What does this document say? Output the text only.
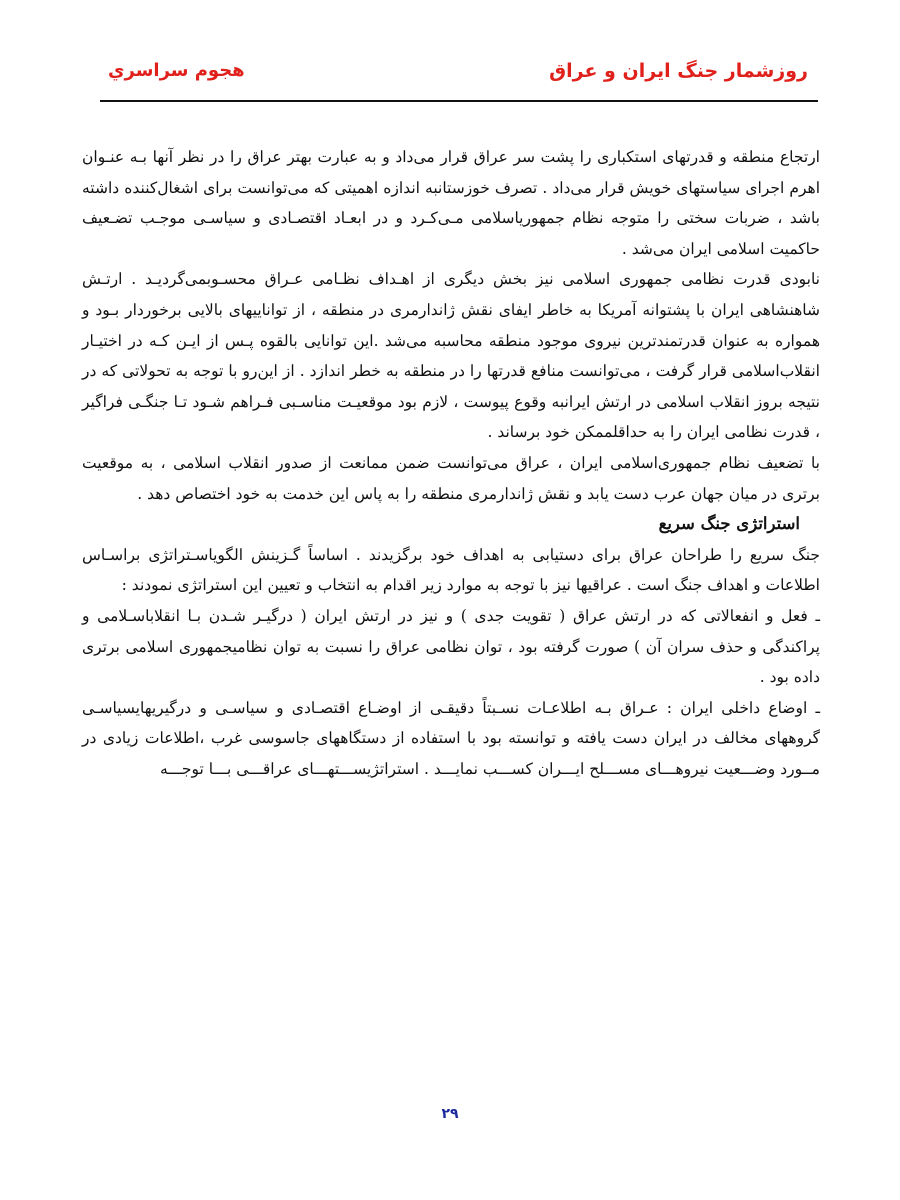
روزشمار جنگ ايران و عراق
هجوم سراسري

ارتجاع منطقه و قدرتهای استکباری را پشت سر عراق قرار می‌داد و به عبارت بهتر عراق را در نظر آنها بـه عنـوان اهرم اجرای سیاستهای خویش قرار می‌داد . تصرف خوزستانبه اندازه اهمیتی که می‌توانست برای اشغال‌کننده داشته باشد ، ضربات سختی را متوجه نظام جمهوریاسلامی مـی‌کـرد و در ابعـاد اقتصـادی و سیاسـی موجـب تضـعیف حاکمیت اسلامی ایران می‌شد .

نابودی قدرت نظامی جمهوری اسلامی نیز بخش دیگری از اهـداف نظـامی عـراق محسـوبمی‌گردیـد . ارتـش شاهنشاهی ایران با پشتوانه آمریکا به خاطر ایفای نقش ژاندارمری در منطقه ، از تواناییهای بالایی برخوردار بـود و همواره به عنوان قدرتمندترین نیروی موجود منطقه محاسبه می‌شد .این توانایی بالقوه پـس از ایـن کـه در اختیـار انقلاب‌اسلامی قرار گرفت ، می‌توانست منافع قدرتها را در منطقه به خطر اندازد . از این‌رو با توجه به تحولاتی که در نتیجه بروز انقلاب اسلامی در ارتش ایرانبه وقوع پیوست ، لازم بود موقعیـت مناسـبی فـراهم شـود تـا جنگـی فراگیر ، قدرت نظامی ایران را به حداقلممکن خود برساند .

با تضعیف نظام جمهوری‌اسلامی ایران ، عراق می‌توانست ضمن ممانعت از صدور انقلاب اسلامی ، به موقعیت برتری در میان جهان عرب دست یابد و نقش ژاندارمری منطقه را به پاس این خدمت به خود اختصاص دهد .

استراتژی جنگ سریع

جنگ سریع را طراحان عراق برای دستیابی به اهداف خود برگزیدند . اساساً گـزینش الگویاسـتراتژی براسـاس اطلاعات و اهداف جنگ است . عراقیها نیز با توجه به موارد زیر اقدام به انتخاب و تعیین این استراتژی نمودند :

ـ فعل و انفعالاتی که در ارتش عراق ( تقویت جدی ) و نیز در ارتش ایران ( درگیـر شـدن بـا انقلاباسـلامی و پراکندگی و حذف سران آن ) صورت گرفته بود ، توان نظامی عراق را نسبت به توان نظامیجمهوری اسلامی برتری داده بود .

ـ اوضاع داخلی ایران : عـراق بـه اطلاعـات نسـبتاً دقیقـی از اوضـاع اقتصـادی و سیاسـی و درگیریهایسیاسـی گروههای مخالف در ایران دست یافته و توانسته بود با استفاده از دستگاههای جاسوسی غرب ،اطلاعات زیادی در مــورد وضـــعیت نیروهـــای مســـلح ایـــران کســـب نمایـــد . استراتژیســـتهـــای عراقـــی بـــا توجـــه

۲۹
